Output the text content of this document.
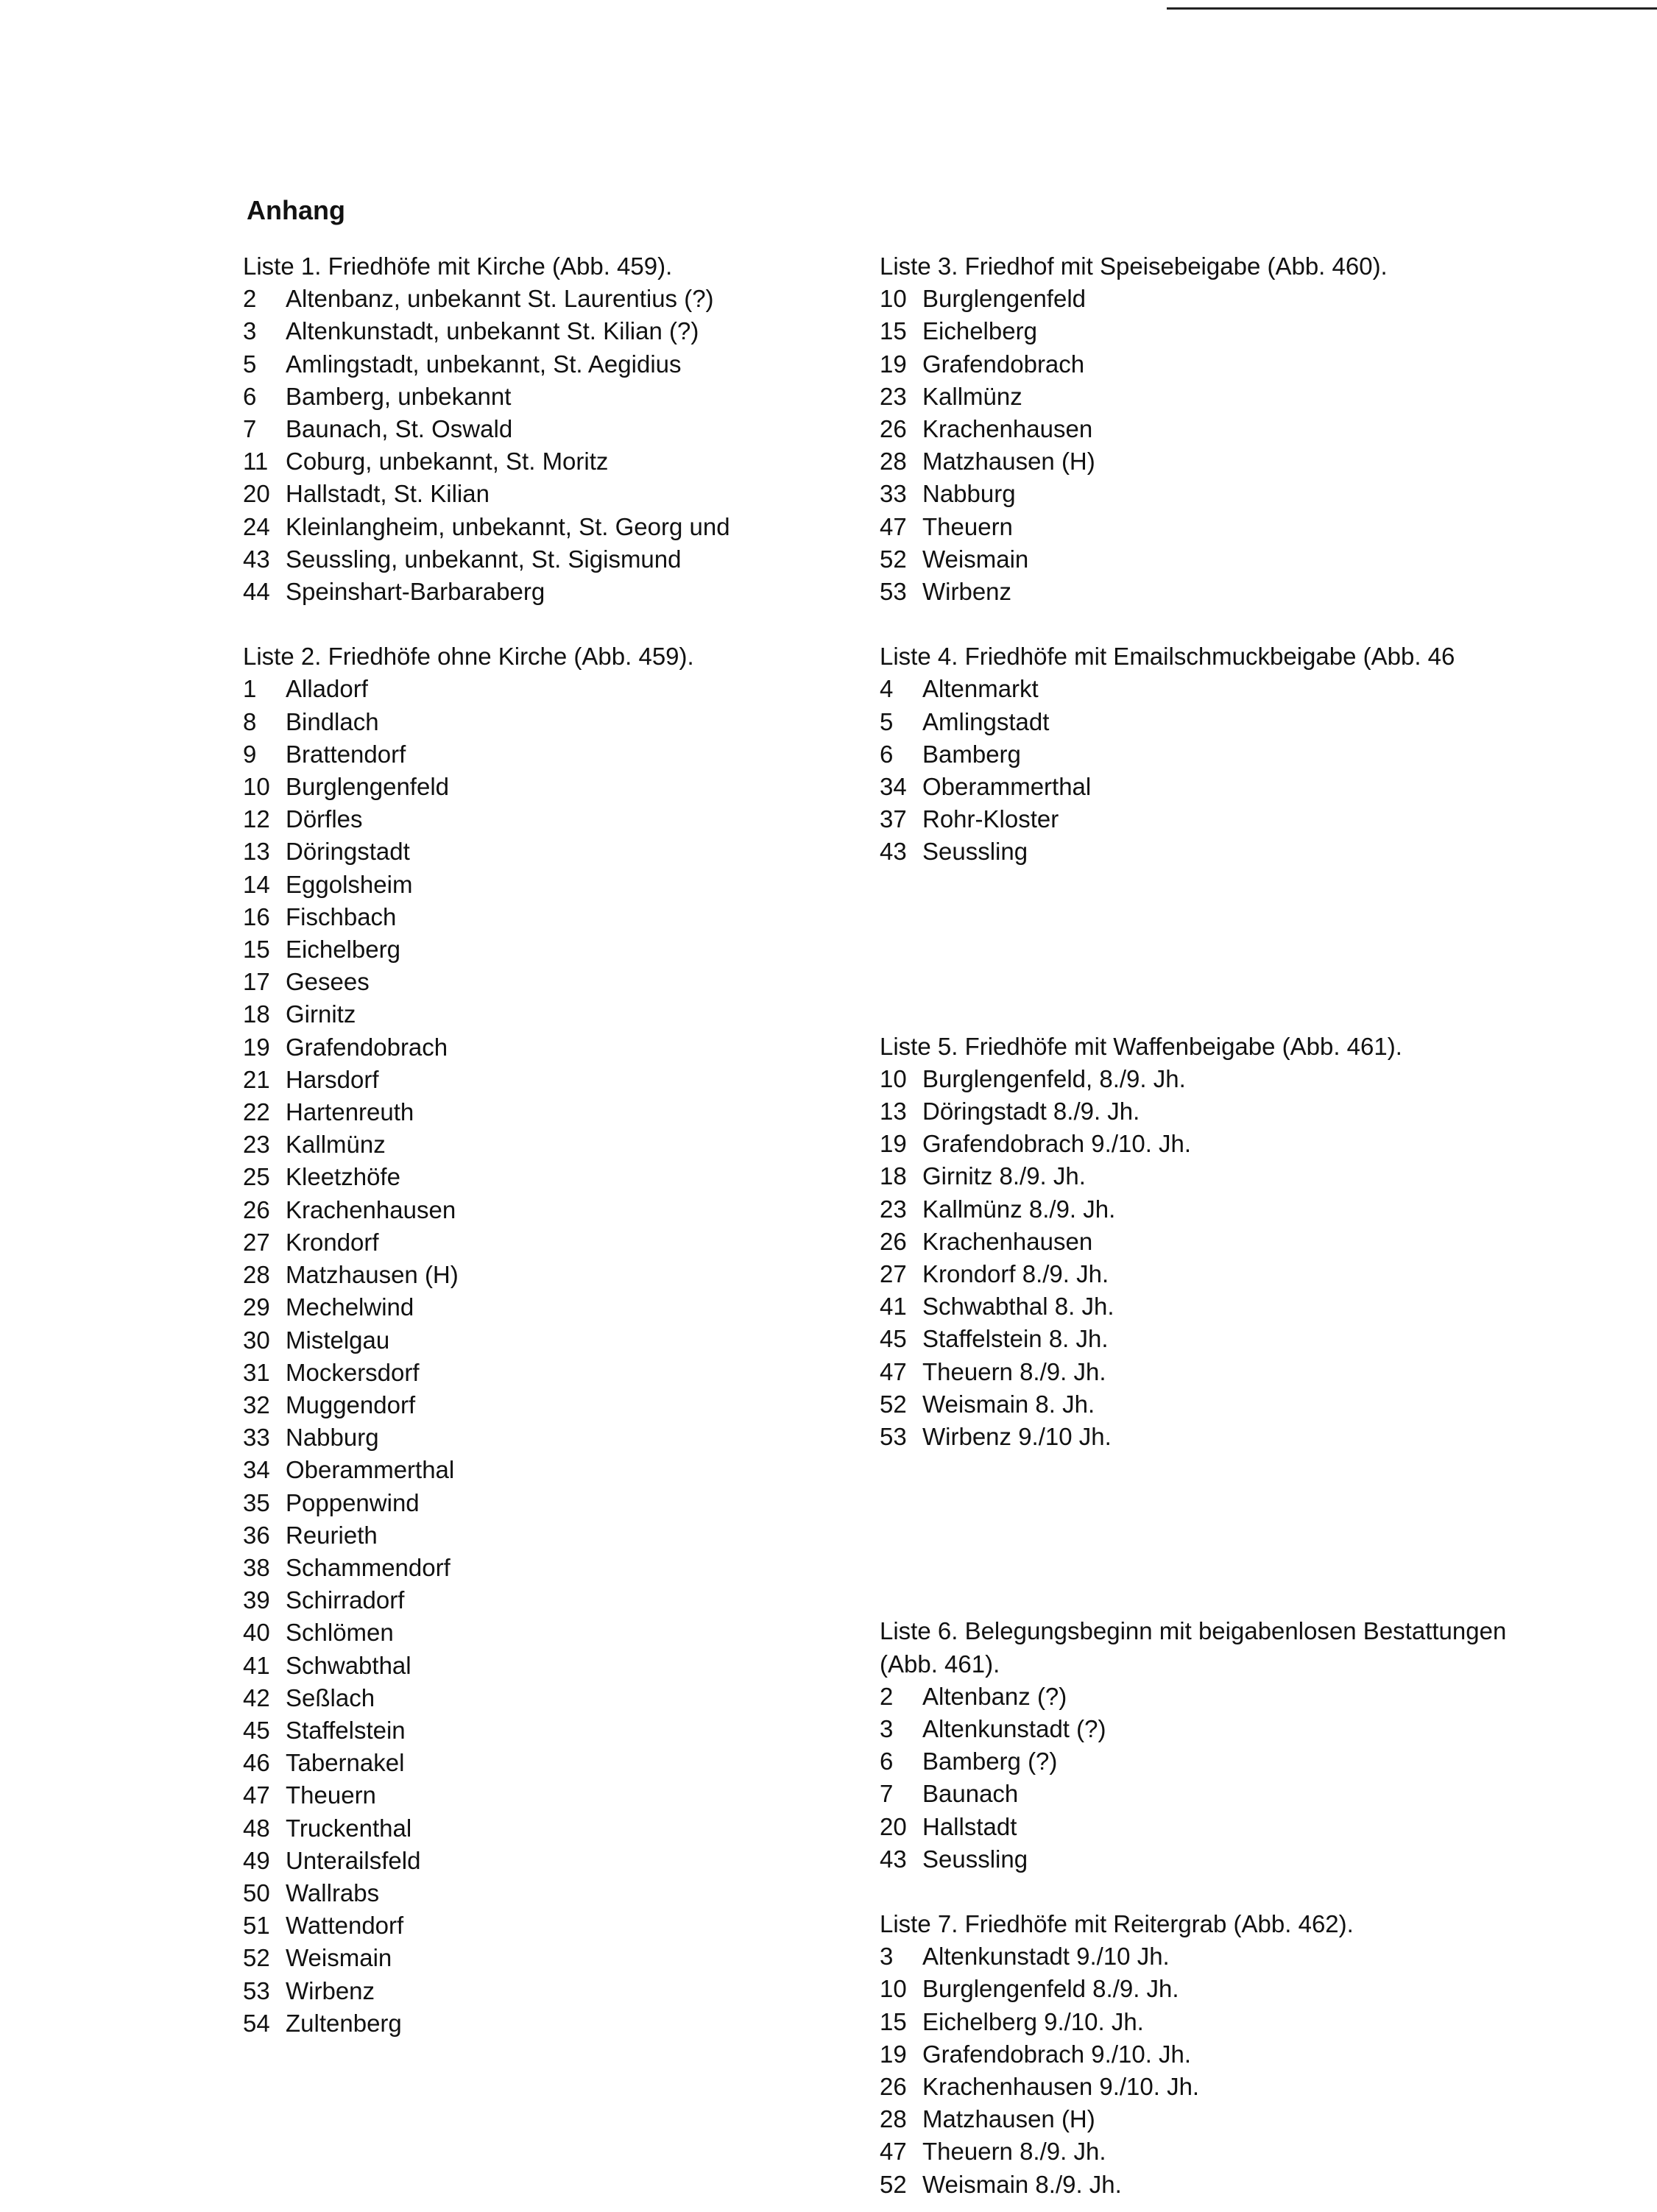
Anhang
Liste 1. Friedhöfe mit Kirche (Abb. 459).
2	Altenbanz, unbekannt St. Laurentius (?)
3	Altenkunstadt, unbekannt St. Kilian (?)
5	Amlingstadt, unbekannt, St. Aegidius
6	Bamberg, unbekannt
7	Baunach, St. Oswald
11 Coburg, unbekannt, St. Moritz
20 Hallstadt, St. Kilian
24 Kleinlangheim, unbekannt, St. Georg und
43 Seussling, unbekannt, St. Sigismund
44 Speinshart-Barbaraberg
Liste 2. Friedhöfe ohne Kirche (Abb. 459).
1	Alladorf
8	Bindlach
9	Brattendorf
10 Burglengenfeld
12 Dörfles
13 Döringstadt
14 Eggolsheim
16 Fischbach
15 Eichelberg
17 Gesees
18 Girnitz
19 Grafendobrach
21 Harsdorf
22 Hartenreuth
23 Kallmünz
25 Kleetzhöfe
26 Krachenhausen
27 Krondorf
28 Matzhausen (H)
29 Mechelwind
30 Mistelgau
31 Mockersdorf
32 Muggendorf
33 Nabburg
34 Oberammerthal
35 Poppenwind
36 Reurieth
38 Schammendorf
39 Schirradorf
40 Schlömen
41 Schwabthal
42 Seßlach
45 Staffelstein
46 Tabernakel
47 Theuern
48 Truckenthal
49 Unterailsfeld
50 Wallrabs
51 Wattendorf
52 Weismain
53 Wirbenz
54 Zultenberg
Liste 3. Friedhof mit Speisebeigabe (Abb. 460).
10 Burglengenfeld
15 Eichelberg
19 Grafendobrach
23 Kallmünz
26 Krachenhausen
28 Matzhausen (H)
33 Nabburg
47 Theuern
52 Weismain
53 Wirbenz
Liste 4. Friedhöfe mit Emailschmuckbeigabe (Abb. 46
4	Altenmarkt
5	Amlingstadt
6	Bamberg
34 Oberammerthal
37 Rohr-Kloster
43 Seussling
Liste 5. Friedhöfe mit Waffenbeigabe (Abb. 461).
10 Burglengenfeld, 8./9. Jh.
13 Döringstadt 8./9. Jh.
19 Grafendobrach 9./10. Jh.
18 Girnitz 8./9. Jh.
23 Kallmünz 8./9. Jh.
26 Krachenhausen
27 Krondorf 8./9. Jh.
41 Schwabthal 8. Jh.
45 Staffelstein 8. Jh.
47 Theuern 8./9. Jh.
52 Weismain 8. Jh.
53 Wirbenz 9./10 Jh.
Liste 6. Belegungsbeginn mit beigabenlosen Bestattungen (Abb. 461).
2	Altenbanz (?)
3	Altenkunstadt (?)
6	Bamberg (?)
7	Baunach
20 Hallstadt
43 Seussling
Liste 7. Friedhöfe mit Reitergrab (Abb. 462).
3	Altenkunstadt 9./10 Jh.
10 Burglengenfeld 8./9. Jh.
15 Eichelberg 9./10. Jh.
19 Grafendobrach 9./10. Jh.
26 Krachenhausen 9./10. Jh.
28 Matzhausen (H)
47 Theuern 8./9. Jh.
52 Weismain 8./9. Jh.
